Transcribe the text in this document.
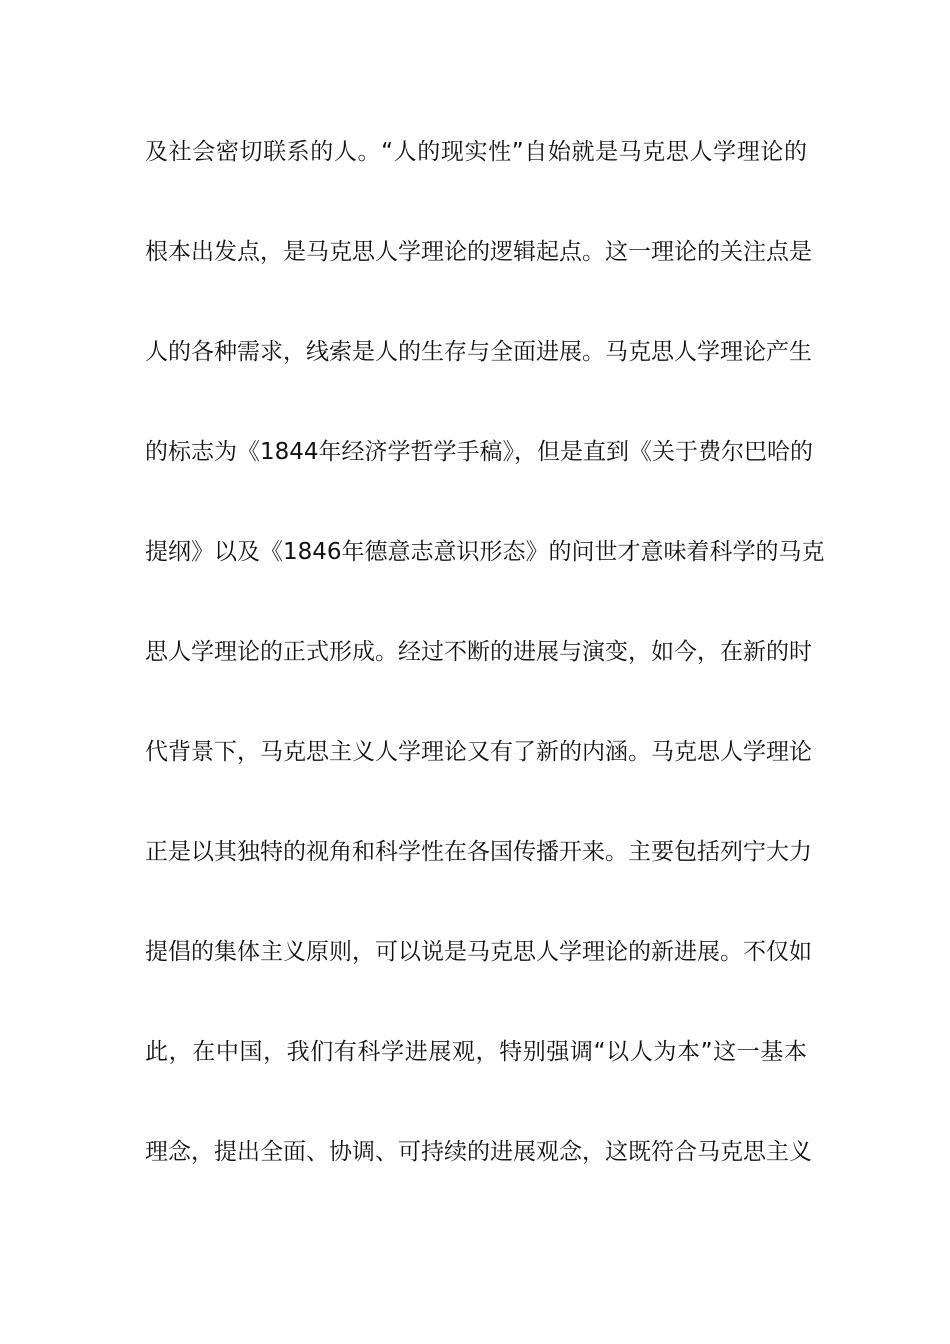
及社会密切联系的人。“人的现实性”自始就是马克思人学理论的
根本出发点，是马克思人学理论的逻辑起点。这一理论的关注点是
人的各种需求，线索是人的生存与全面进展。马克思人学理论产生
的标志为《1844年经济学哲学手稿》，但是直到《关于费尔巴哈的
提纲》以及《1846年德意志意识形态》的问世才意味着科学的马克
思人学理论的正式形成。经过不断的进展与演变，如今，在新的时
代背景下，马克思主义人学理论又有了新的内涵。马克思人学理论
正是以其独特的视角和科学性在各国传播开来。主要包括列宁大力
提倡的集体主义原则，可以说是马克思人学理论的新进展。不仅如
此，在中国，我们有科学进展观，特别强调“以人为本”这一基本
理念，提出全面、协调、可持续的进展观念，这既符合马克思主义
